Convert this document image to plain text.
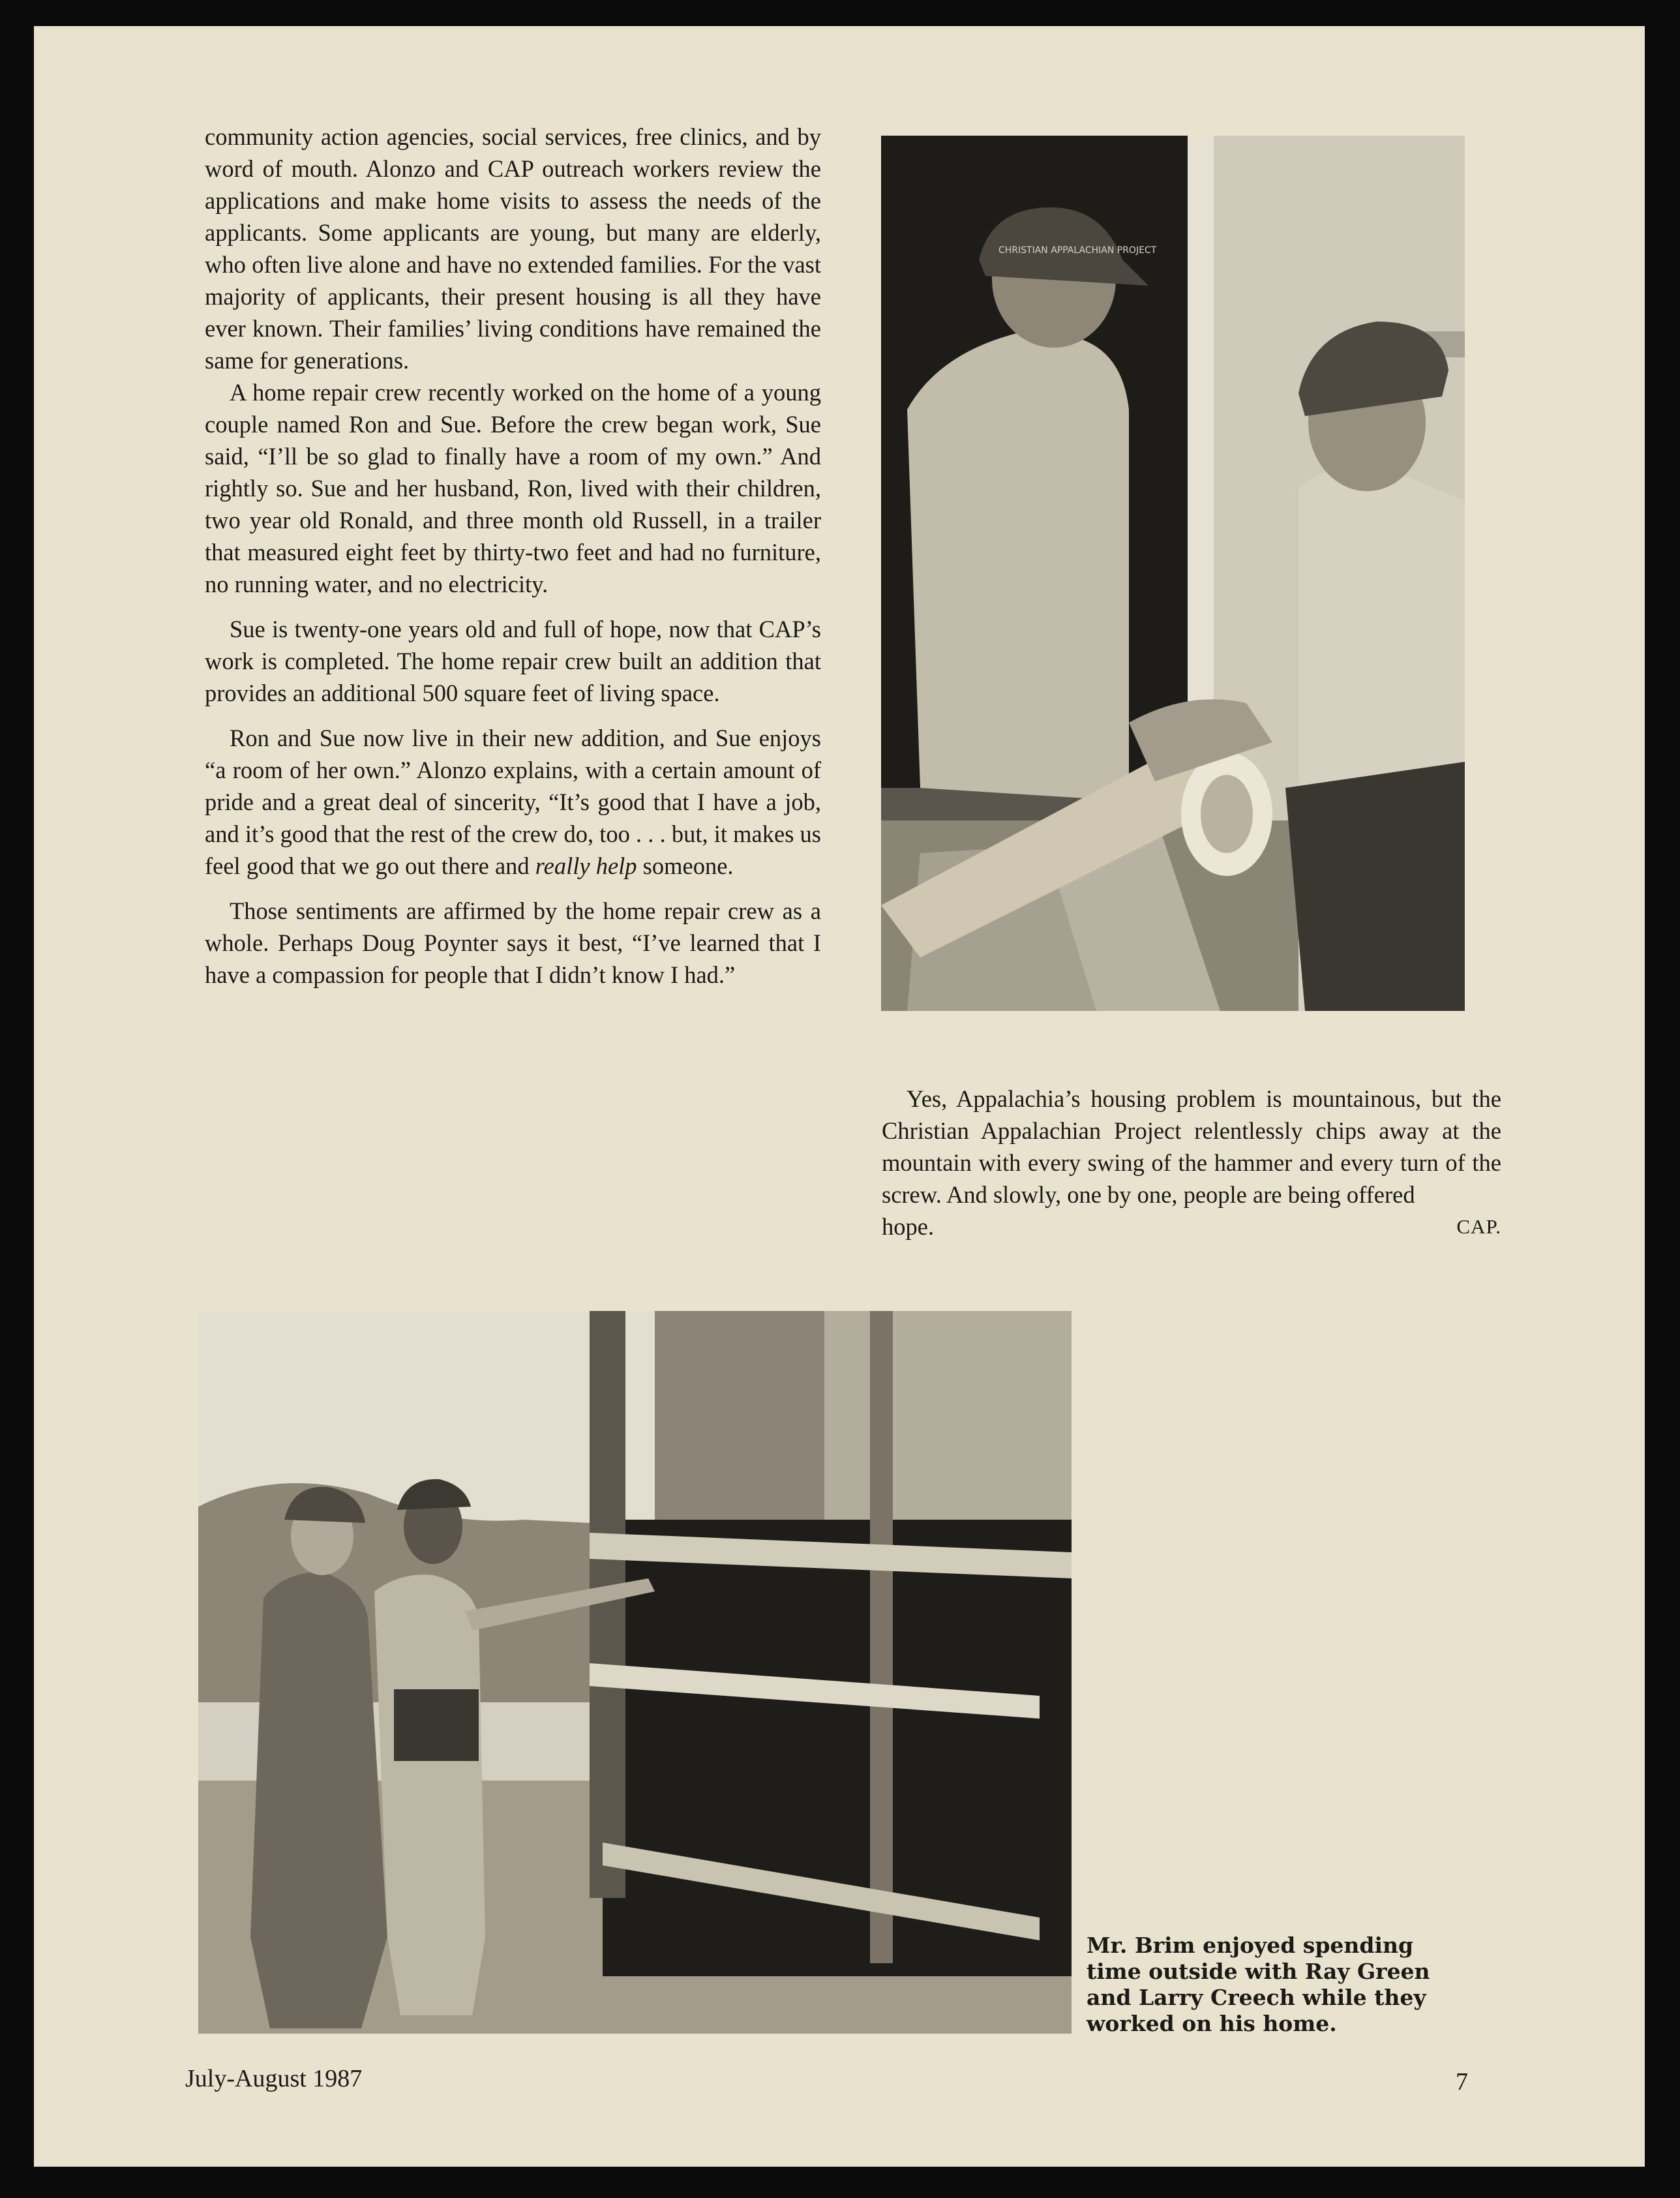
community action agencies, social services, free clinics, and by word of mouth. Alonzo and CAP outreach workers review the applications and make home visits to assess the needs of the applicants. Some applicants are young, but many are elderly, who often live alone and have no extended families. For the vast majority of applicants, their present housing is all they have ever known. Their families’ living conditions have remained the same for generations.

A home repair crew recently worked on the home of a young couple named Ron and Sue. Before the crew began work, Sue said, “I’ll be so glad to finally have a room of my own.” And rightly so. Sue and her husband, Ron, lived with their children, two year old Ronald, and three month old Russell, in a trailer that measured eight feet by thirty-two feet and had no furniture, no running water, and no electricity.

Sue is twenty-one years old and full of hope, now that CAP’s work is completed. The home repair crew built an addition that provides an additional 500 square feet of living space.

Ron and Sue now live in their new addition, and Sue enjoys “a room of her own.” Alonzo explains, with a certain amount of pride and a great deal of sincerity, “It’s good that I have a job, and it’s good that the rest of the crew do, too . . . but, it makes us feel good that we go out there and really help someone.

Those sentiments are affirmed by the home repair crew as a whole. Perhaps Doug Poynter says it best, “I’ve learned that I have a compassion for people that I didn’t know I had.”

CHRISTIAN APPALACHIAN PROJECT

Yes, Appalachia’s housing problem is mountainous, but the Christian Appalachian Project relentlessly chips away at the mountain with every swing of the hammer and every turn of the screw. And slowly, one by one, people are being offered

hope.	CAP.

Mr. Brim enjoyed spending time outside with Ray Green and Larry Creech while they worked on his home.
July-August 1987	7
